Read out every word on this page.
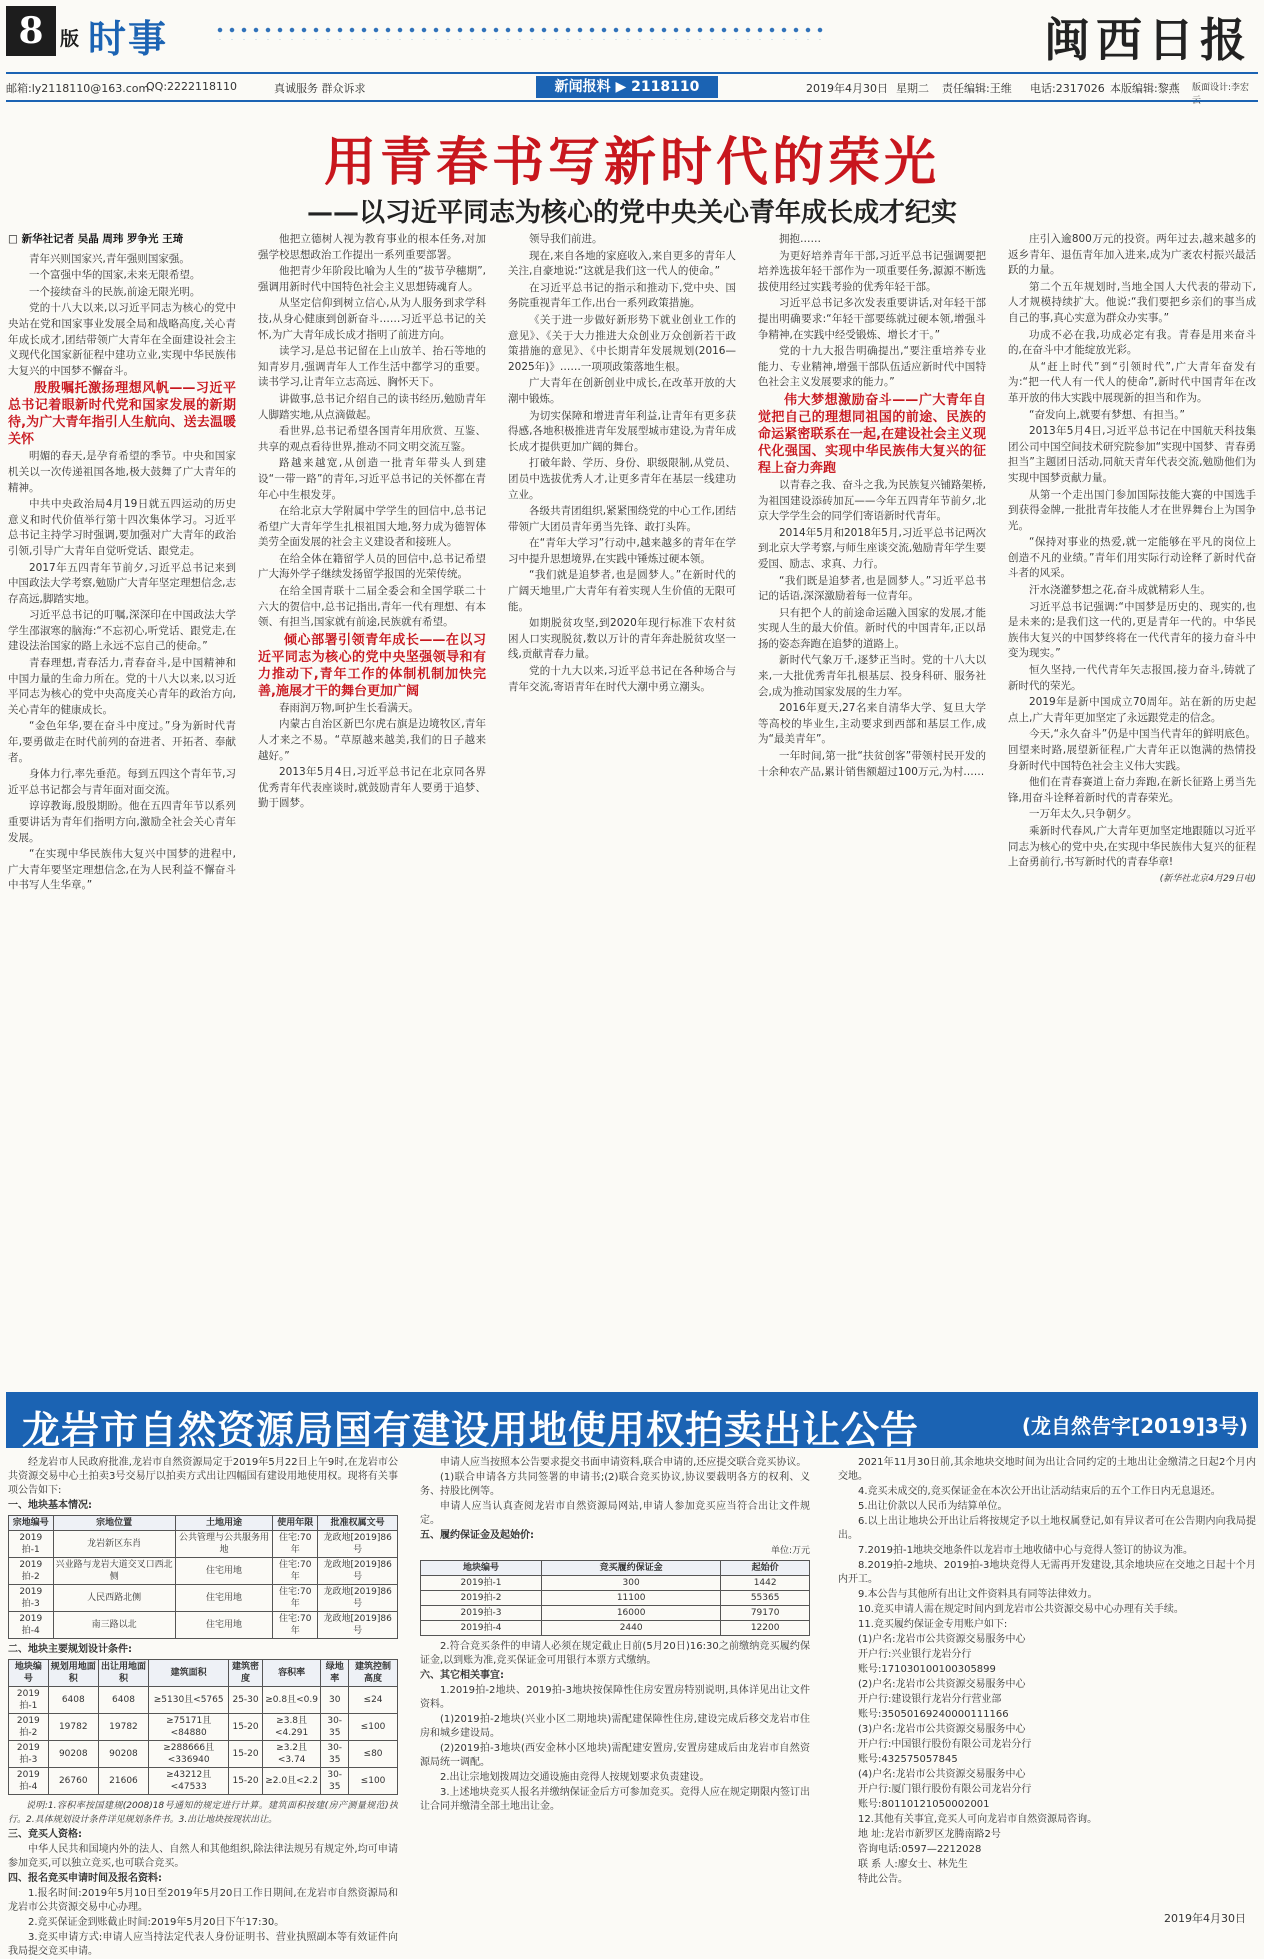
8 版 时事	闽西日报
邮箱:ly2118110@163.com
QQ:2222118110	真诚服务 群众诉求	2019年4月30日 星期二 责任编辑:王维 电话:2317026 本版编辑:黎燕 版面设计:李宏
新闻报料 ▶ 2118110
用青春书写新时代的荣光
——以习近平同志为核心的党中央关心青年成长成才纪实

□ 新华社记者 吴晶 周玮 罗争光 王琦

青年兴则国家兴,青年强则国家强。

一个富强中华的国家,未来无限希望。

一个接续奋斗的民族,前途无限光明。

党的十八大以来,以习近平同志为核心的党中央站在党和国家事业发展全局和战略高度,关心青年成长成才,团结带领广大青年在全面建设社会主义现代化国家新征程中建功立业,实现中华民族伟大复兴的中国梦不懈奋斗。

殷殷嘱托激扬理想风帆——习近平总书记着眼新时代党和国家发展的新期待,为广大青年指引人生航向、送去温暖关怀

明媚的春天,是孕育希望的季节。中央和国家机关以一次传递祖国各地,极大鼓舞了广大青年的精神。

中共中央政治局4月19日就五四运动的历史意义和时代价值举行第十四次集体学习。习近平总书记主持学习时强调,要加强对广大青年的政治引领,引导广大青年自觉听党话、跟党走。

2017年五四青年节前夕,习近平总书记来到中国政法大学考察,勉励广大青年坚定理想信念,志存高远,脚踏实地。

习近平总书记的叮嘱,深深印在中国政法大学学生邵淑寒的脑海:“不忘初心,听党话、跟党走,在建设法治国家的路上永远不忘自己的使命。”

青春理想,青春活力,青春奋斗,是中国精神和中国力量的生命力所在。党的十八大以来,以习近平同志为核心的党中央高度关心青年的政治方向,关心青年的健康成长。

“金色年华,要在奋斗中度过。”身为新时代青年,要勇做走在时代前列的奋进者、开拓者、奉献者。

身体力行,率先垂范。每到五四这个青年节,习近平总书记都会与青年面对面交流。

谆谆教诲,殷殷期盼。他在五四青年节以系列重要讲话为青年们指明方向,激励全社会关心青年发展。

“在实现中华民族伟大复兴中国梦的进程中,广大青年要坚定理想信念,在为人民利益不懈奋斗中书写人生华章。”

他把立德树人视为教育事业的根本任务,对加强学校思想政治工作提出一系列重要部署。

他把青少年阶段比喻为人生的“拔节孕穗期”,强调用新时代中国特色社会主义思想铸魂育人。

从坚定信仰到树立信心,从为人服务到求学科技,从身心健康到创新奋斗……习近平总书记的关怀,为广大青年成长成才指明了前进方向。

读学习,是总书记留在上山放羊、抬石等地的知青岁月,强调青年人工作生活中都学习的重要。读书学习,让青年立志高远、胸怀天下。

讲做事,总书记介绍自己的读书经历,勉励青年人脚踏实地,从点滴做起。

看世界,总书记希望各国青年用欣赏、互鉴、共享的观点看待世界,推动不同文明交流互鉴。

路越来越宽,从创造一批青年带头人到建设“一带一路”的青年,习近平总书记的关怀都在青年心中生根发芽。

在给北京大学附属中学学生的回信中,总书记希望广大青年学生扎根祖国大地,努力成为德智体美劳全面发展的社会主义建设者和接班人。

在给全体在籍留学人员的回信中,总书记希望广大海外学子继续发扬留学报国的光荣传统。

在给全国青联十二届全委会和全国学联二十六大的贺信中,总书记指出,青年一代有理想、有本领、有担当,国家就有前途,民族就有希望。

倾心部署引领青年成长——在以习近平同志为核心的党中央坚强领导和有力推动下,青年工作的体制机制加快完善,施展才干的舞台更加广阔

春雨润万物,呵护生长看满天。

内蒙古自治区新巴尔虎右旗是边境牧区,青年人才来之不易。“草原越来越美,我们的日子越来越好。”

2013年5月4日,习近平总书记在北京同各界优秀青年代表座谈时,就鼓励青年人要勇于追梦、勤于圆梦。

领导我们前进。

现在,来自各地的家庭收入,来自更多的青年人关注,自豪地说:“这就是我们这一代人的使命。”

在习近平总书记的指示和推动下,党中央、国务院重视青年工作,出台一系列政策措施。

《关于进一步做好新形势下就业创业工作的意见》、《关于大力推进大众创业万众创新若干政策措施的意见》、《中长期青年发展规划(2016—2025年)》……一项项政策落地生根。

广大青年在创新创业中成长,在改革开放的大潮中锻炼。

为切实保障和增进青年利益,让青年有更多获得感,各地积极推进青年发展型城市建设,为青年成长成才提供更加广阔的舞台。

打破年龄、学历、身份、职级限制,从党员、团员中选拔优秀人才,让更多青年在基层一线建功立业。

各级共青团组织,紧紧围绕党的中心工作,团结带领广大团员青年勇当先锋、敢打头阵。

在“青年大学习”行动中,越来越多的青年在学习中提升思想境界,在实践中锤炼过硬本领。

“我们就是追梦者,也是圆梦人。”在新时代的广阔天地里,广大青年有着实现人生价值的无限可能。

如期脱贫攻坚,到2020年现行标准下农村贫困人口实现脱贫,数以万计的青年奔赴脱贫攻坚一线,贡献青春力量。

党的十九大以来,习近平总书记在各种场合与青年交流,寄语青年在时代大潮中勇立潮头。

拥抱……

为更好培养青年干部,习近平总书记强调要把培养选拔年轻干部作为一项重要任务,源源不断选拔使用经过实践考验的优秀年轻干部。

习近平总书记多次发表重要讲话,对年轻干部提出明确要求:“年轻干部要练就过硬本领,增强斗争精神,在实践中经受锻炼、增长才干。”

党的十九大报告明确提出,“要注重培养专业能力、专业精神,增强干部队伍适应新时代中国特色社会主义发展要求的能力。”

伟大梦想激励奋斗——广大青年自觉把自己的理想同祖国的前途、民族的命运紧密联系在一起,在建设社会主义现代化强国、实现中华民族伟大复兴的征程上奋力奔跑

以青春之我、奋斗之我,为民族复兴铺路架桥,为祖国建设添砖加瓦——今年五四青年节前夕,北京大学学生会的同学们寄语新时代青年。

2014年5月和2018年5月,习近平总书记两次到北京大学考察,与师生座谈交流,勉励青年学生要爱国、励志、求真、力行。

“我们既是追梦者,也是圆梦人。”习近平总书记的话语,深深激励着每一位青年。

只有把个人的前途命运融入国家的发展,才能实现人生的最大价值。新时代的中国青年,正以昂扬的姿态奔跑在追梦的道路上。

新时代气象万千,逐梦正当时。党的十八大以来,一大批优秀青年扎根基层、投身科研、服务社会,成为推动国家发展的生力军。

2016年夏天,27名来自清华大学、复旦大学等高校的毕业生,主动要求到西部和基层工作,成为“最美青年”。

一年时间,第一批“扶贫创客”带领村民开发的十余种农产品,累计销售额超过100万元,为村……

庄引入逾800万元的投资。两年过去,越来越多的返乡青年、退伍青年加入进来,成为广袤农村振兴最活跃的力量。

第二个五年规划时,当地全国人大代表的带动下,人才规模持续扩大。他说:“我们要把乡亲们的事当成自己的事,真心实意为群众办实事。”

功成不必在我,功成必定有我。青春是用来奋斗的,在奋斗中才能绽放光彩。

从“赶上时代”到“引领时代”,广大青年奋发有为:“把一代人有一代人的使命”,新时代中国青年在改革开放的伟大实践中展现新的担当和作为。

“奋发向上,就要有梦想、有担当。”

2013年5月4日,习近平总书记在中国航天科技集团公司中国空间技术研究院参加“实现中国梦、青春勇担当”主题团日活动,同航天青年代表交流,勉励他们为实现中国梦贡献力量。

从第一个走出国门参加国际技能大赛的中国选手到获得金牌,一批批青年技能人才在世界舞台上为国争光。

“保持对事业的热爱,就一定能够在平凡的岗位上创造不凡的业绩。”青年们用实际行动诠释了新时代奋斗者的风采。

汗水浇灌梦想之花,奋斗成就精彩人生。

习近平总书记强调:“中国梦是历史的、现实的,也是未来的;是我们这一代的,更是青年一代的。中华民族伟大复兴的中国梦终将在一代代青年的接力奋斗中变为现实。”

恒久坚持,一代代青年矢志报国,接力奋斗,铸就了新时代的荣光。

2019年是新中国成立70周年。站在新的历史起点上,广大青年更加坚定了永远跟党走的信念。

今天,“永久奋斗”仍是中国当代青年的鲜明底色。回望来时路,展望新征程,广大青年正以饱满的热情投身新时代中国特色社会主义伟大实践。

他们在青春赛道上奋力奔跑,在新长征路上勇当先锋,用奋斗诠释着新时代的青春荣光。

一万年太久,只争朝夕。

乘新时代春风,广大青年更加坚定地跟随以习近平同志为核心的党中央,在实现中华民族伟大复兴的征程上奋勇前行,书写新时代的青春华章!

(新华社北京4月29日电)

龙岩市自然资源局国有建设用地使用权拍卖出让公告	(龙自然告字[2019]3号)

经龙岩市人民政府批准,龙岩市自然资源局定于2019年5月22日上午9时,在龙岩市公共资源交易中心土拍卖3号交易厅以拍卖方式出让四幅国有建设用地使用权。现将有关事项公告如下:

一、地块基本情况:

宗地编号	宗地位置	土地用途	使用年限	批准权属文号
2019拍-1	龙岩新区东肖	公共管理与公共服务用地	住宅:70年	龙政地[2019]86号
2019拍-2	兴业路与龙岩大道交叉口西北侧	住宅用地	住宅:70年	龙政地[2019]86号
2019拍-3	人民西路北侧	住宅用地	住宅:70年	龙政地[2019]86号
2019拍-4	南三路以北	住宅用地	住宅:70年	龙政地[2019]86号

二、地块主要规划设计条件:

地块编号	规划用地面积	出让用地面积	建筑面积	建筑密度	容积率	绿地率	建筑控制高度
2019拍-1	6408	6408	≥5130且<5765	25-30	≥0.8且<0.9	30	≤24
2019拍-2	19782	19782	≥75171且<84880	15-20	≥3.8且<4.291	30-35	≤100
2019拍-3	90208	90208	≥288666且<336940	15-20	≥3.2且<3.74	30-35	≤80
2019拍-4	26760	21606	≥43212且<47533	15-20	≥2.0且<2.2	30-35	≤100

说明:1.容积率按国建规(2008)18号通知的规定进行计算。建筑面积按建(房产测量规范)执行。2.具体规划设计条件详见规划条件书。3.出让地块按现状出让。

三、竞买人资格:

中华人民共和国境内外的法人、自然人和其他组织,除法律法规另有规定外,均可申请参加竞买,可以独立竞买,也可联合竞买。

四、报名竞买申请时间及报名资料:

1.报名时间:2019年5月10日至2019年5月20日工作日期间,在龙岩市自然资源局和龙岩市公共资源交易中心办理。

2.竞买保证金到账截止时间:2019年5月20日下午17:30。

3.竞买申请方式:申请人应当持法定代表人身份证明书、营业执照副本等有效证件向我局提交竞买申请。

申请人应当按照本公告要求提交书面申请资料,联合申请的,还应提交联合竞买协议。

(1)联合申请各方共同签署的申请书;(2)联合竞买协议,协议要载明各方的权利、义务、持股比例等。

申请人应当认真查阅龙岩市自然资源局网站,申请人参加竞买应当符合出让文件规定。

五、履约保证金及起始价:

单位:万元
地块编号	竞买履约保证金	起始价
2019拍-1	300	1442
2019拍-2	11100	55365
2019拍-3	16000	79170
2019拍-4	2440	12200

2.符合竞买条件的申请人必须在规定截止日前(5月20日)16:30之前缴纳竞买履约保证金,以到账为准,竞买保证金可用银行本票方式缴纳。

六、其它相关事宜:

1.2019拍-2地块、2019拍-3地块按保障性住房安置房特别说明,具体详见出让文件资料。

(1)2019拍-2地块(兴业小区二期地块)需配建保障性住房,建设完成后移交龙岩市住房和城乡建设局。

(2)2019拍-3地块(西安金林小区地块)需配建安置房,安置房建成后由龙岩市自然资源局统一调配。

2.出让宗地划拨周边交通设施由竞得人按规划要求负责建设。

3.上述地块竞买人报名并缴纳保证金后方可参加竞买。竞得人应在规定期限内签订出让合同并缴清全部土地出让金。

2021年11月30日前,其余地块交地时间为出让合同约定的土地出让金缴清之日起2个月内交地。

4.竞买未成交的,竞买保证金在本次公开出让活动结束后的五个工作日内无息退还。

5.出让价款以人民币为结算单位。

6.以上出让地块公开出让后将按规定予以土地权属登记,如有异议者可在公告期内向我局提出。

7.2019拍-1地块交地条件以龙岩市土地收储中心与竞得人签订的协议为准。

8.2019拍-2地块、2019拍-3地块竞得人无需再开发建设,其余地块应在交地之日起十个月内开工。

9.本公告与其他所有出让文件资料具有同等法律效力。

10.竞买申请人需在规定时间内到龙岩市公共资源交易中心办理有关手续。

11.竞买履约保证金专用账户如下:

(1)户名:龙岩市公共资源交易服务中心

开户行:兴业银行龙岩分行

账号:171030100100305899

(2)户名:龙岩市公共资源交易服务中心

开户行:建设银行龙岩分行营业部

账号:35050169240000111166

(3)户名:龙岩市公共资源交易服务中心

开户行:中国银行股份有限公司龙岩分行

账号:432575057845

(4)户名:龙岩市公共资源交易服务中心

开户行:厦门银行股份有限公司龙岩分行

账号:80110121050002001

12.其他有关事宜,竞买人可向龙岩市自然资源局咨询。

地 址:龙岩市新罗区龙腾南路2号

咨询电话:0597—2212028

联 系 人:廖女士、林先生

特此公告。

2019年4月30日
